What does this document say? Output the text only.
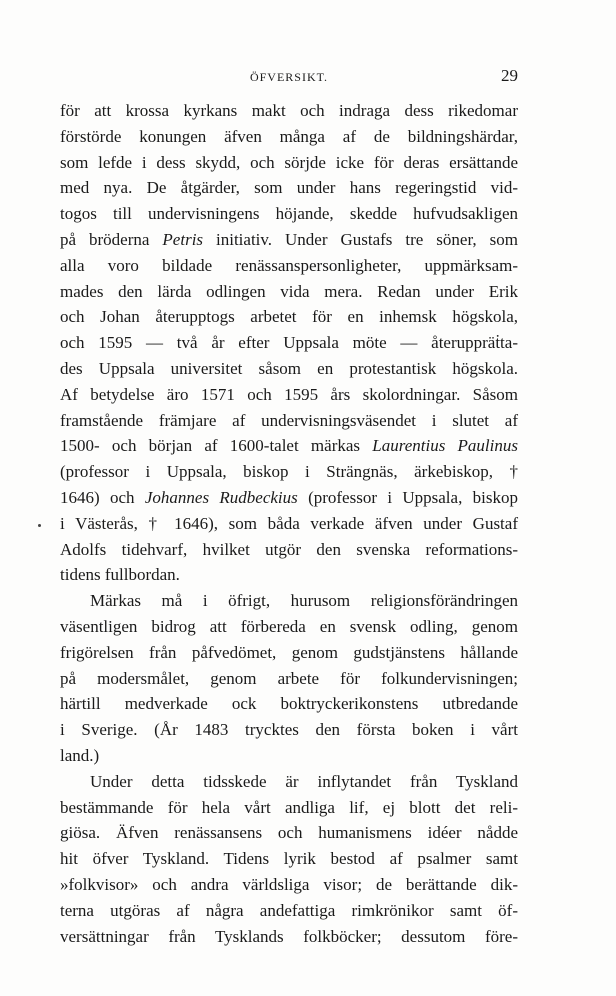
ÖFVERSIKT.	29
för att krossa kyrkans makt och indraga dess rikedomar
förstörde konungen äfven många af de bildningshärdar,
som lefde i dess skydd, och sörjde icke för deras ersättande
med nya. De åtgärder, som under hans regeringstid vid-
togos till undervisningens höjande, skedde hufvudsakligen
på bröderna Petris initiativ. Under Gustafs tre söner, som
alla voro bildade renässanspersonligheter, uppmärksam-
mades den lärda odlingen vida mera. Redan under Erik
och Johan återupptogs arbetet för en inhemsk högskola,
och 1595 — två år efter Uppsala möte — återuppräṫta-
des Uppsala universitet såsom en protestantisk högskola.
Af betydelse äro 1571 och 1595 års skolordningar. Såsom
framstående främjare af undervisningsväsendet i slutet af
1500- och början af 1600-talet märkas Laurentius Paulinus
(professor i Uppsala, biskop i Strängnäs, ärkebiskop, †
1646) och Johannes Rudbeckius (professor i Uppsala, biskop
i Västerås, † 1646), som båda verkade äfven under Gustaf
Adolfs tidehvarf, hvilket utgör den svenska reformations-
tidens fullbordan.
Märkas må i öfrigt, hurusom religionsförändringen
väsentligen bidrog att förbereda en svensk odling, genom
frigörelsen från påfvedömet, genom gudstjänstens hållande
på modersmålet, genom arbete för folkundervisningen;
härtill medverkade ock boktryckerikonstens utbredande
i Sverige. (År 1483 trycktes den första boken i vårt
land.)
Under detta tidsskede är inflytandet från Tyskland
bestämmande för hela vårt andliga lif, ej blott det reli-
giösa. Äfven renässansens och humanismens idéer nådde
hit öfver Tyskland. Tidens lyrik bestod af psalmer samt
»folkvisor» och andra världsliga visor; de berättande dik-
terna utgöras af några andefattiga rimkrönikor samt öf-
versättningar från Tysklands folkböcker; dessutom före-
